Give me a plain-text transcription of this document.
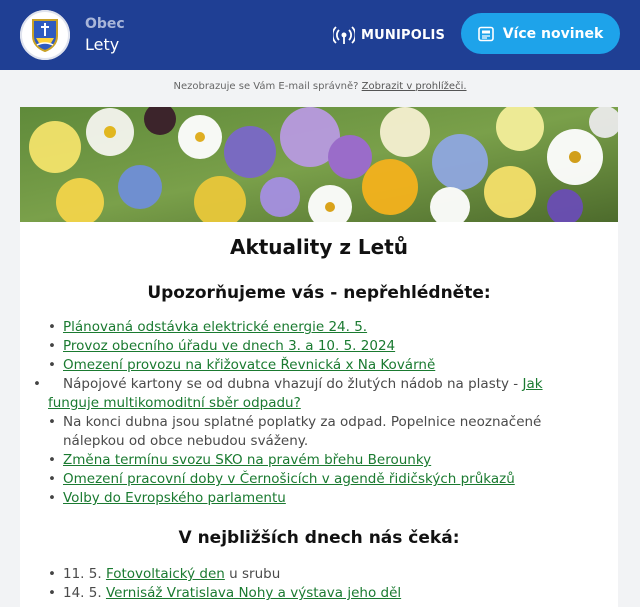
Obec
Lety	MUNIPOLIS	Více novinek
Nezobrazuje se Vám E-mail správně? Zobrazit v prohlížeči.
Aktuality z Letů
Upozorňujeme vás - nepřehlédněte:
• Plánovaná odstávka elektrické energie 24. 5.
• Provoz obecního úřadu ve dnech 3. a 10. 5. 2024
• Omezení provozu na křižovatce Řevnická x Na Kovárně
• Nápojové kartony se od dubna vhazují do žlutých nádob na plasty - Jak funguje multikomoditní sběr odpadu?
• Na konci dubna jsou splatné poplatky za odpad. Popelnice neoznačené nálepkou od obce nebudou sváženy.
• Změna termínu svozu SKO na pravém břehu Berounky
• Omezení pracovní doby v Černošicích v agendě řidičských průkazů
• Volby do Evropského parlamentu
V nejbližších dnech nás čeká:
• 11. 5. Fotovoltaický den u srubu
• 14. 5. Vernisáž Vratislava Nohy a výstava jeho děl
